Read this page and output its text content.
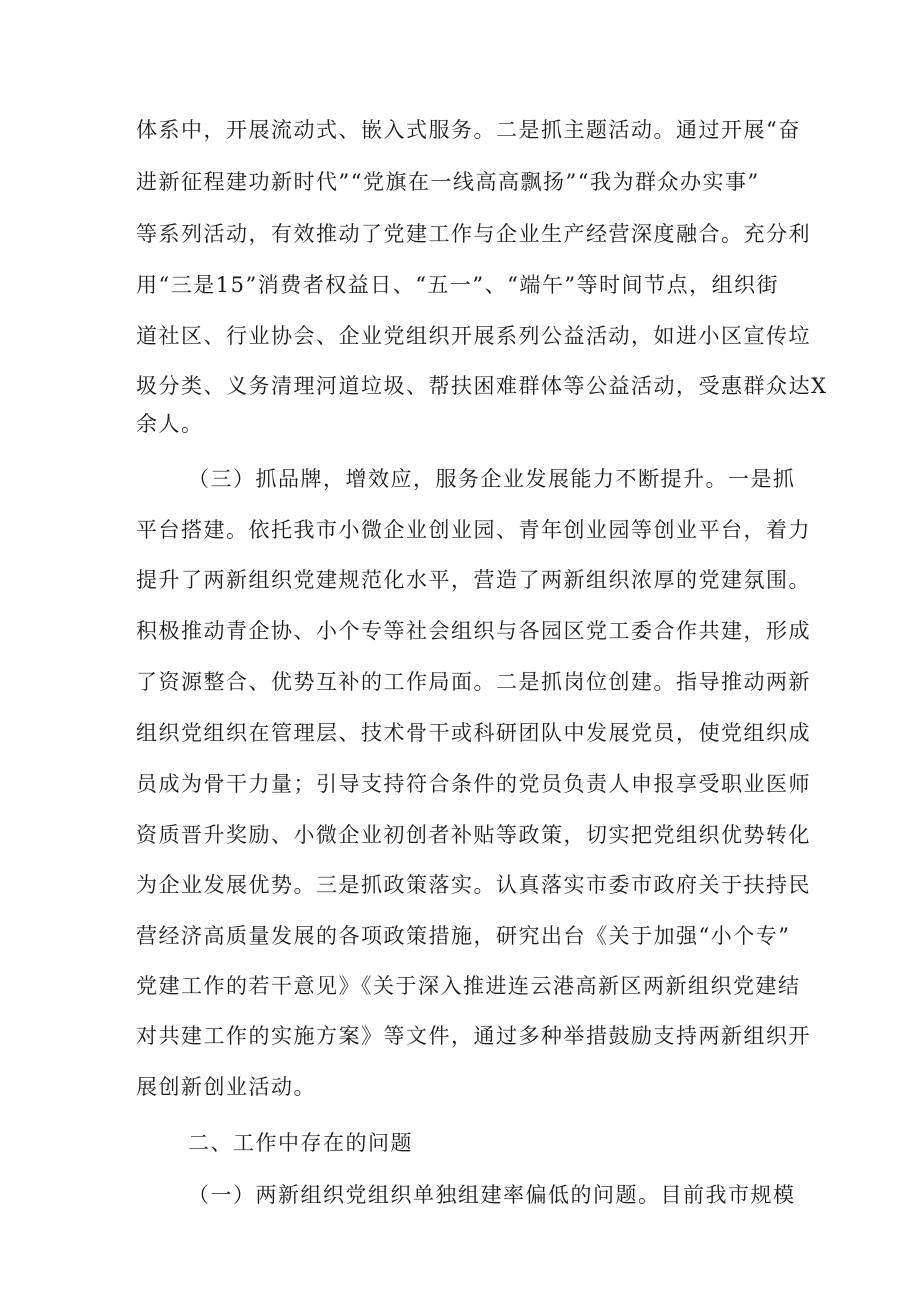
体系中，开展流动式、嵌入式服务。二是抓主题活动。通过开展“奋
进新征程建功新时代”“党旗在一线高高飘扬”“我为群众办实事”
等系列活动，有效推动了党建工作与企业生产经营深度融合。充分利
用“三是15”消费者权益日、“五一”、“端午”等时间节点，组织街
道社区、行业协会、企业党组织开展系列公益活动，如进小区宣传垃
圾分类、义务清理河道垃圾、帮扶困难群体等公益活动，受惠群众达X
余人。
（三）抓品牌，增效应，服务企业发展能力不断提升。一是抓
平台搭建。依托我市小微企业创业园、青年创业园等创业平台，着力
提升了两新组织党建规范化水平，营造了两新组织浓厚的党建氛围。
积极推动青企协、小个专等社会组织与各园区党工委合作共建，形成
了资源整合、优势互补的工作局面。二是抓岗位创建。指导推动两新
组织党组织在管理层、技术骨干或科研团队中发展党员，使党组织成
员成为骨干力量；引导支持符合条件的党员负责人申报享受职业医师
资质晋升奖励、小微企业初创者补贴等政策，切实把党组织优势转化
为企业发展优势。三是抓政策落实。认真落实市委市政府关于扶持民
营经济高质量发展的各项政策措施，研究出台《关于加强“小个专”
党建工作的若干意见》《关于深入推进连云港高新区两新组织党建结
对共建工作的实施方案》等文件，通过多种举措鼓励支持两新组织开
展创新创业活动。
二、工作中存在的问题
（一）两新组织党组织单独组建率偏低的问题。目前我市规模
